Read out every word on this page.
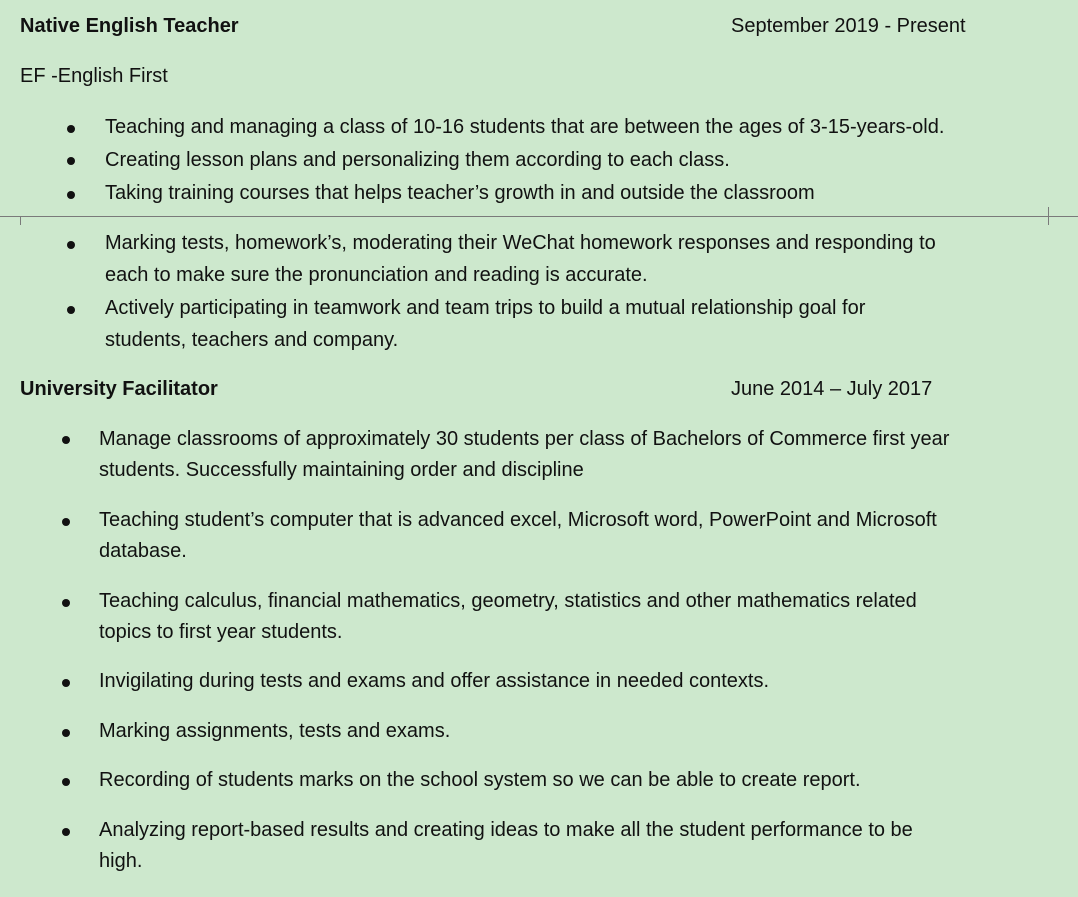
Native English Teacher	September 2019 - Present
EF -English First
Teaching and managing a class of 10-16 students that are between the ages of 3-15-years-old.
Creating lesson plans and personalizing them according to each class.
Taking training courses that helps teacher’s growth in and outside the classroom
Marking tests, homework’s, moderating their WeChat homework responses and responding to
each to make sure the pronunciation and reading is accurate.
Actively participating in teamwork and team trips to build a mutual relationship goal for
students, teachers and company.
University Facilitator	June 2014 – July 2017
Manage classrooms of approximately 30 students per class of Bachelors of Commerce first year
students. Successfully maintaining order and discipline
Teaching student’s computer that is advanced excel, Microsoft word, PowerPoint and Microsoft
database.
Teaching calculus, financial mathematics, geometry, statistics and other mathematics related
topics to first year students.
Invigilating during tests and exams and offer assistance in needed contexts.
Marking assignments, tests and exams.
Recording of students marks on the school system so we can be able to create report.
Analyzing report-based results and creating ideas to make all the student performance to be
high.
